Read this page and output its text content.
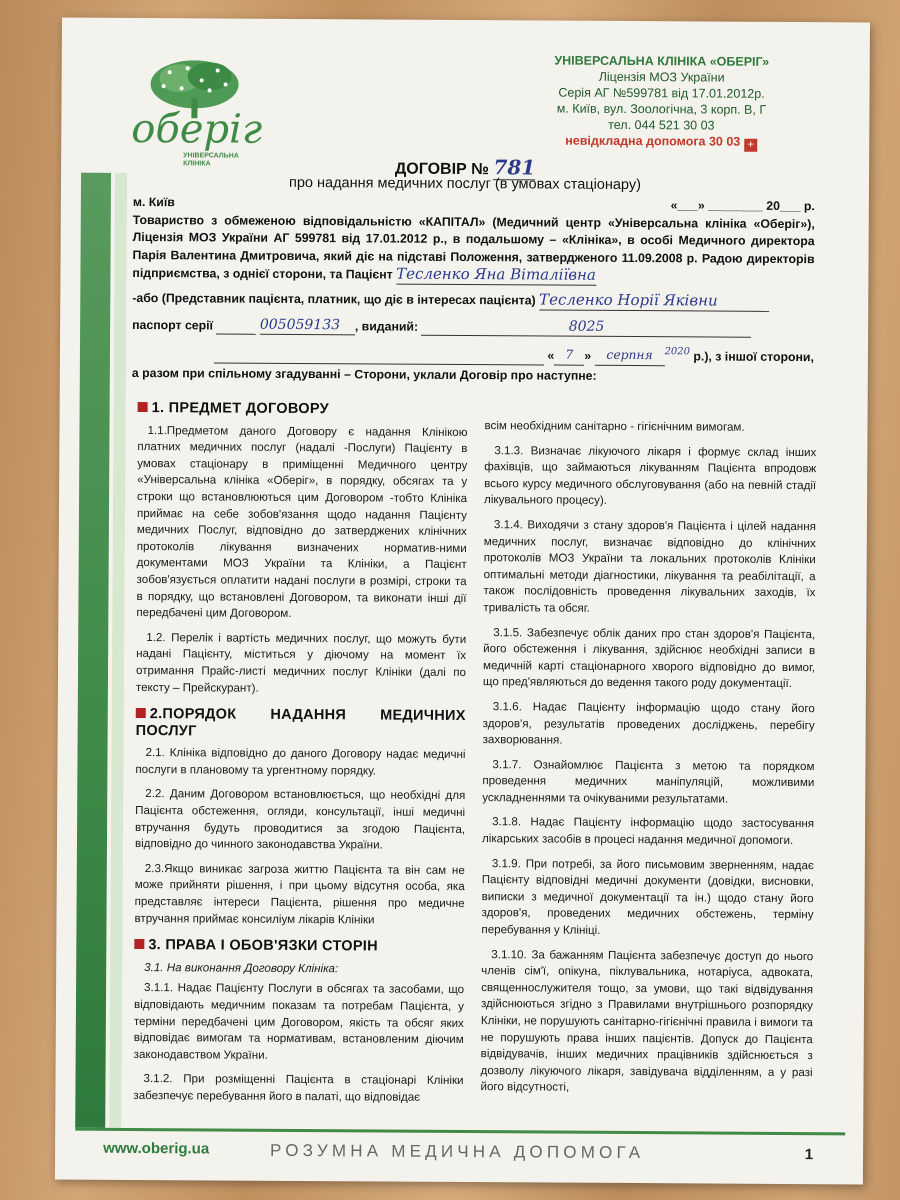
оберіг
УНІВЕРСАЛЬНА КЛІНІКА
УНІВЕРСАЛЬНА КЛІНІКА «ОБЕРІГ»
Ліцензія МОЗ України
Серія АГ №599781 від 17.01.2012р.
м. Київ, вул. Зоологічна, 3 корп. В, Г
тел. 044 521 30 03
невідкладна допомога 30 03 +
ДОГОВІР № 781
про надання медичних послуг (в умовах стаціонару)
м. Київ	«___» ________ 20___ р.
Товариство з обмеженою відповідальністю «КАПІТАЛ» (Медичний центр «Універсальна клініка «Оберіг»), Ліцензія МОЗ України АГ 599781 від 17.01.2012 р., в подальшому – «Клініка», в особі Медичного директора Парія Валентина Дмитровича, який діє на підставі Положення, затвердженого 11.09.2008 р. Радою директорів підприємства, з однієї сторони, та Пацієнт Тесленко Яна Віталіївна
-або (Представник пацієнта, платник, що діє в інтересах пацієнта) Тесленко Норії Яківни
паспорт серії	005059133 , виданий:	8025
« 7 » серпня $^{2020}$ р.), з іншої сторони,
а разом при спільному згадуванні – Сторони, уклали Договір про наступне:
1. ПРЕДМЕТ ДОГОВОРУ

1.1.Предметом даного Договору є надання Клінікою платних медичних послуг (надалі -Послуги) Пацієнту в умовах стаціонару в приміщенні Медичного центру «Універсальна клініка «Оберіг», в порядку, обсягах та у строки що встановлюються цим Договором -тобто Клініка приймає на себе зобов'язання щодо надання Пацієнту медичних Послуг, відповідно до затверджених клінічних протоколів лікування визначених норматив-ними документами МОЗ України та Клініки, а Пацієнт зобов'язується оплатити надані послуги в розмірі, строки та в порядку, що встановлені Договором, та виконати інші дії передбачені цим Договором.

1.2. Перелік і вартість медичних послуг, що можуть бути надані Пацієнту, міститься у діючому на момент їх отримання Прайс-листі медичних послуг Клініки (далі по тексту – Прейскурант).

2.ПОРЯДОК НАДАННЯ МЕДИЧНИХ ПОСЛУГ

2.1. Клініка відповідно до даного Договору надає медичні послуги в плановому та ургентному порядку.

2.2. Даним Договором встановлюється, що необхідні для Пацієнта обстеження, огляди, консультації, інші медичні втручання будуть проводитися за згодою Пацієнта, відповідно до чинного законодавства України.

2.3.Якщо виникає загроза життю Пацієнта та він сам не може прийняти рішення, і при цьому відсутня особа, яка представляє інтереси Пацієнта, рішення про медичне втручання приймає консиліум лікарів Клініки

3. ПРАВА І ОБОВ'ЯЗКИ СТОРІН

3.1. На виконання Договору Клініка:

3.1.1. Надає Пацієнту Послуги в обсягах та засобами, що відповідають медичним показам та потребам Пацієнта, у терміни передбачені цим Договором, якість та обсяг яких відповідає вимогам та нормативам, встановленим діючим законодавством України.

3.1.2. При розміщенні Пацієнта в стаціонарі Клініки забезпечує перебування його в палаті, що відповідає

всім необхідним санітарно - гігієнічним вимогам.

3.1.3. Визначає лікуючого лікаря і формує склад інших фахівців, що займаються лікуванням Пацієнта впродовж всього курсу медичного обслуговування (або на певній стадії лікувального процесу).

3.1.4. Виходячи з стану здоров'я Пацієнта і цілей надання медичних послуг, визначає відповідно до клінічних протоколів МОЗ України та локальних протоколів Клініки оптимальні методи діагностики, лікування та реабілітації, а також послідовність проведення лікувальних заходів, їх тривалість та обсяг.

3.1.5. Забезпечує облік даних про стан здоров'я Пацієнта, його обстеження і лікування, здійснює необхідні записи в медичній карті стаціонарного хворого відповідно до вимог, що пред'являються до ведення такого роду документації.

3.1.6. Надає Пацієнту інформацію щодо стану його здоров'я, результатів проведених досліджень, перебігу захворювання.

3.1.7. Ознайомлює Пацієнта з метою та порядком проведення медичних маніпуляцій, можливими ускладненнями та очікуваними результатами.

3.1.8. Надає Пацієнту інформацію щодо застосування лікарських засобів в процесі надання медичної допомоги.

3.1.9. При потребі, за його письмовим зверненням, надає Пацієнту відповідні медичні документи (довідки, висновки, виписки з медичної документації та ін.) щодо стану його здоров'я, проведених медичних обстежень, терміну перебування у Клініці.

3.1.10. За бажанням Пацієнта забезпечує доступ до нього членів сім'ї, опікуна, піклувальника, нотаріуса, адвоката, священнослужителя тощо, за умови, що такі відвідування здійснюються згідно з Правилами внутрішнього розпорядку Клініки, не порушують санітарно-гігієнічні правила і вимоги та не порушують права інших пацієнтів. Допуск до Пацієнта відвідувачів, інших медичних працівників здійснюється з дозволу лікуючого лікаря, завідувача відділенням, а у разі його відсутності,

www.oberig.ua	РОЗУМНА МЕДИЧНА ДОПОМОГА	1
